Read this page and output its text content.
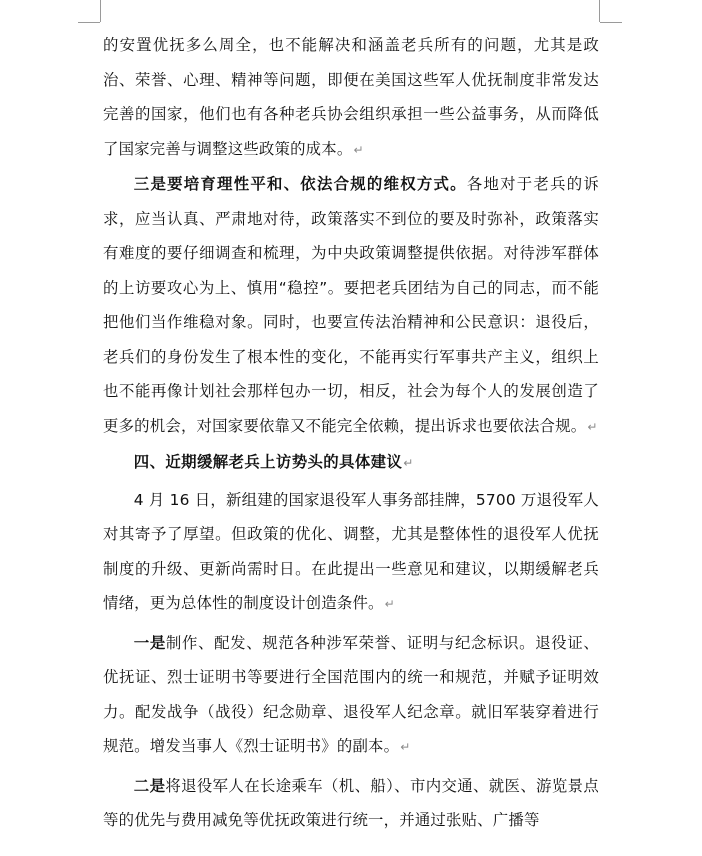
的安置优抚多么周全，也不能解决和涵盖老兵所有的问题，尤其是政治、荣誉、心理、精神等问题，即便在美国这些军人优抚制度非常发达完善的国家，他们也有各种老兵协会组织承担一些公益事务，从而降低了国家完善与调整这些政策的成本。↵

三是要培育理性平和、依法合规的维权方式。各地对于老兵的诉求，应当认真、严肃地对待，政策落实不到位的要及时弥补，政策落实有难度的要仔细调查和梳理，为中央政策调整提供依据。对待涉军群体的上访要攻心为上、慎用“稳控”。要把老兵团结为自己的同志，而不能把他们当作维稳对象。同时，也要宣传法治精神和公民意识：退役后，老兵们的身份发生了根本性的变化，不能再实行军事共产主义，组织上也不能再像计划社会那样包办一切，相反，社会为每个人的发展创造了更多的机会，对国家要依靠又不能完全依赖，提出诉求也要依法合规。↵

四、近期缓解老兵上访势头的具体建议↵

4 月 16 日，新组建的国家退役军人事务部挂牌，5700 万退役军人对其寄予了厚望。但政策的优化、调整，尤其是整体性的退役军人优抚制度的升级、更新尚需时日。在此提出一些意见和建议，以期缓解老兵情绪，更为总体性的制度设计创造条件。↵

一是制作、配发、规范各种涉军荣誉、证明与纪念标识。退役证、优抚证、烈士证明书等要进行全国范围内的统一和规范，并赋予证明效力。配发战争（战役）纪念勋章、退役军人纪念章。就旧军装穿着进行规范。增发当事人《烈士证明书》的副本。↵

二是将退役军人在长途乘车（机、船）、市内交通、就医、游览景点等的优先与费用减免等优抚政策进行统一，并通过张贴、广播等
